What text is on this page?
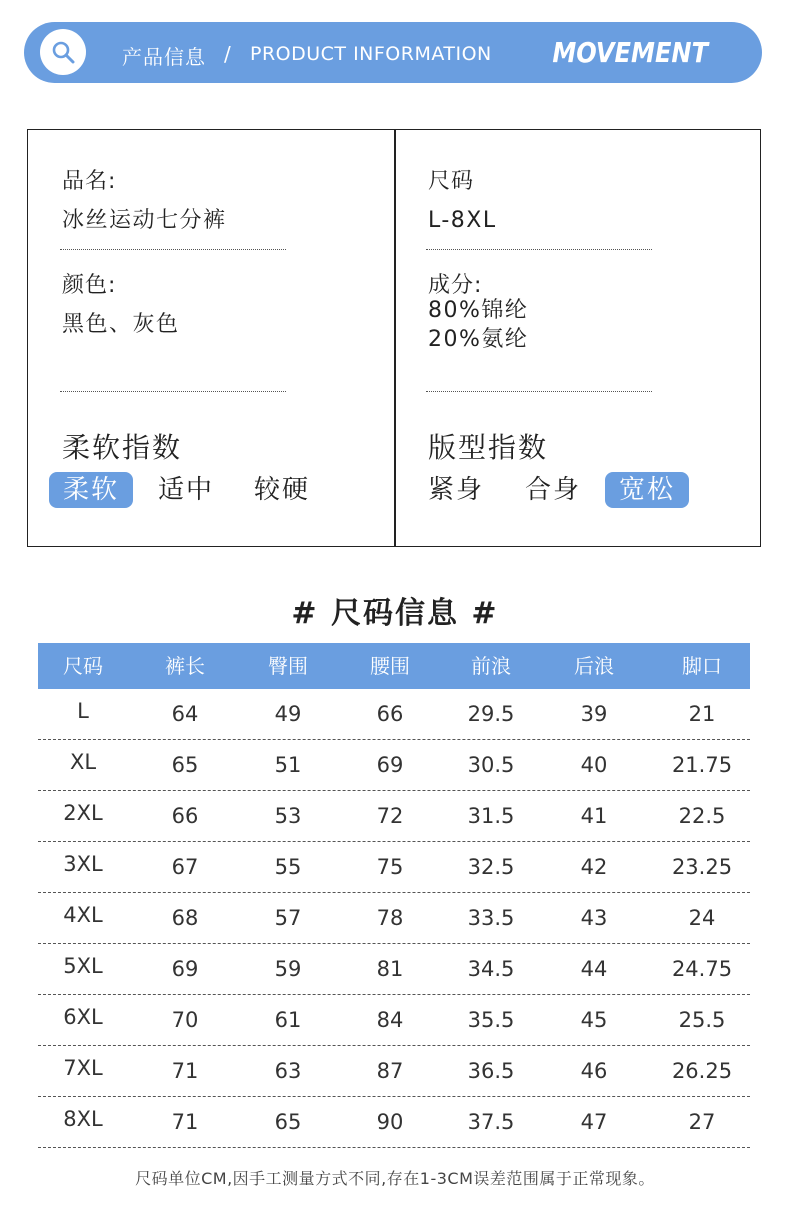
产品信息 / PRODUCT INFORMATION MOVEMENT
品名:
冰丝运动七分裤
颜色:
黑色、灰色
柔软指数
柔软	适中 较硬
尺码
L-8XL
成分:
80%锦纶
20%氨纶
版型指数
紧身 合身	宽松
# 尺码信息 #
尺码	裤长	臀围	腰围	前浪	后浪	脚口
L	64	49	66	29.5	39	21
XL	65	51	69	30.5	40	21.75
2XL	66	53	72	31.5	41	22.5
3XL	67	55	75	32.5	42	23.25
4XL	68	57	78	33.5	43	24
5XL	69	59	81	34.5	44	24.75
6XL	70	61	84	35.5	45	25.5
7XL	71	63	87	36.5	46	26.25
8XL	71	65	90	37.5	47	27
尺码单位CM,因手工测量方式不同,存在1-3CM误差范围属于正常现象。
